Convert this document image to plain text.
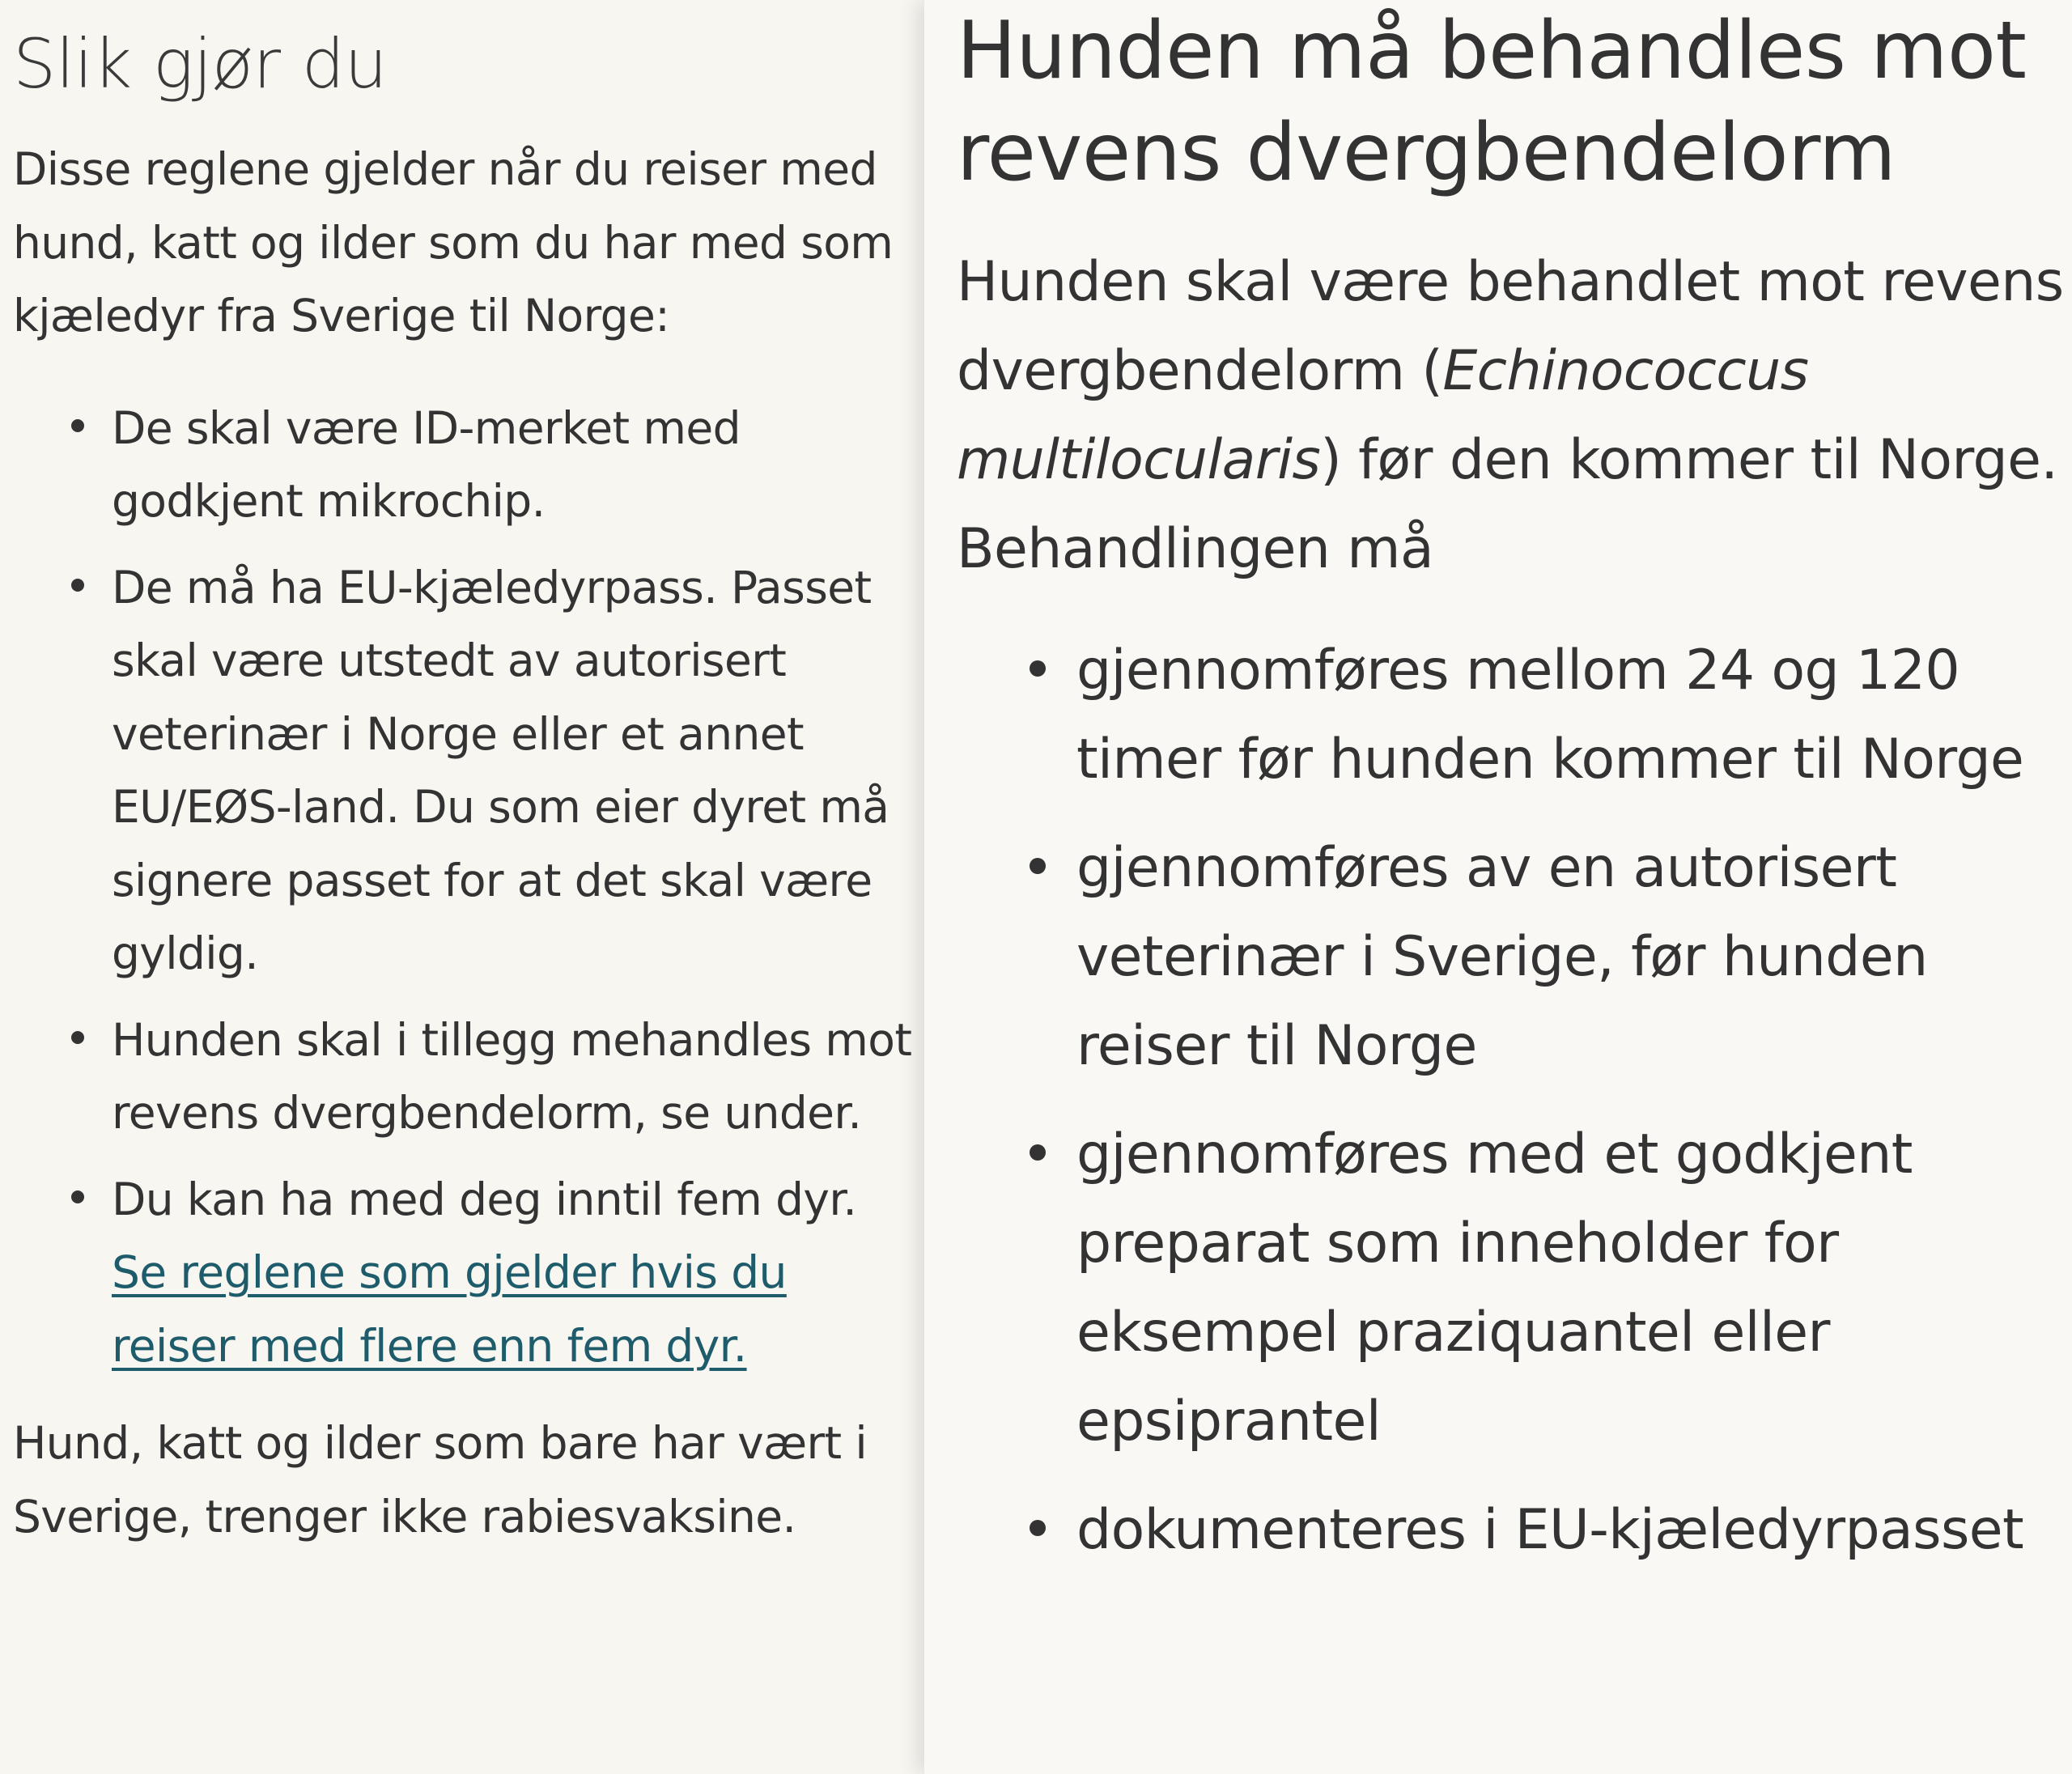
Slik gjør du

Disse reglene gjelder når du reiser med hund, katt og ilder som du har med som kjæledyr fra Sverige til Norge:

De skal være ID-merket med godkjent mikrochip.
De må ha EU-kjæledyrpass. Passet skal være utstedt av autorisert veterinær i Norge eller et annet EU/EØS-land. Du som eier dyret må signere passet for at det skal være gyldig.
Hunden skal i tillegg mehandles mot revens dvergbendelorm, se under.
Du kan ha med deg inntil fem dyr.
Se reglene som gjelder hvis du reiser med flere enn fem dyr.

Hund, katt og ilder som bare har vært i Sverige, trenger ikke rabiesvaksine.

Hunden må behandles mot revens dvergbendelorm

Hunden skal være behandlet mot revens dvergbendelorm (Echinococcus multilocularis) før den kommer til Norge. Behandlingen må

gjennomføres mellom 24 og 120 timer før hunden kommer til Norge
gjennomføres av en autorisert veterinær i Sverige, før hunden reiser til Norge
gjennomføres med et godkjent preparat som inneholder for eksempel praziquantel eller epsiprantel
dokumenteres i EU-kjæledyrpasset
